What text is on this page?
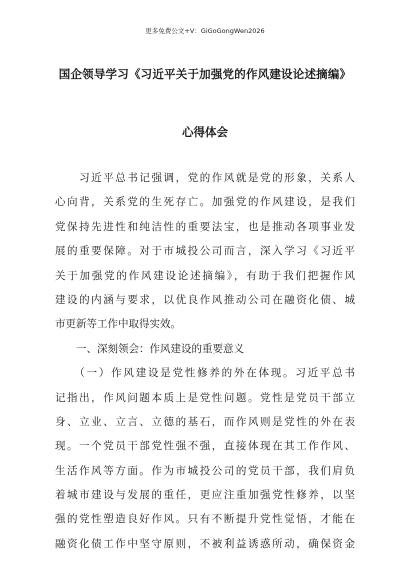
更多免费公文+V：GiGoGongWen2026
国企领导学习《习近平关于加强党的作风建设论述摘编》
心得体会
　　习近平总书记强调，党的作风就是党的形象，关系人
心向背，关系党的生死存亡。加强党的作风建设，是我们
党保持先进性和纯洁性的重要法宝，也是推动各项事业发
展的重要保障。对于市城投公司而言，深入学习《习近平
关于加强党的作风建设论述摘编》，有助于我们把握作风
建设的内涵与要求，以优良作风推动公司在融资化债、城
市更新等工作中取得实效。
　　一、深刻领会：作风建设的重要意义
　　（一）作风建设是党性修养的外在体现。习近平总书
记指出，作风问题本质上是党性问题。党性是党员干部立
身、立业、立言、立德的基石，而作风则是党性的外在表
现。一个党员干部党性强不强，直接体现在其工作作风、
生活作风等方面。作为市城投公司的党员干部，我们肩负
着城市建设与发展的重任，更应注重加强党性修养，以坚
强的党性塑造良好作风。只有不断提升党性觉悟，才能在
融资化债工作中坚守原则，不被利益诱惑所动，确保资金
